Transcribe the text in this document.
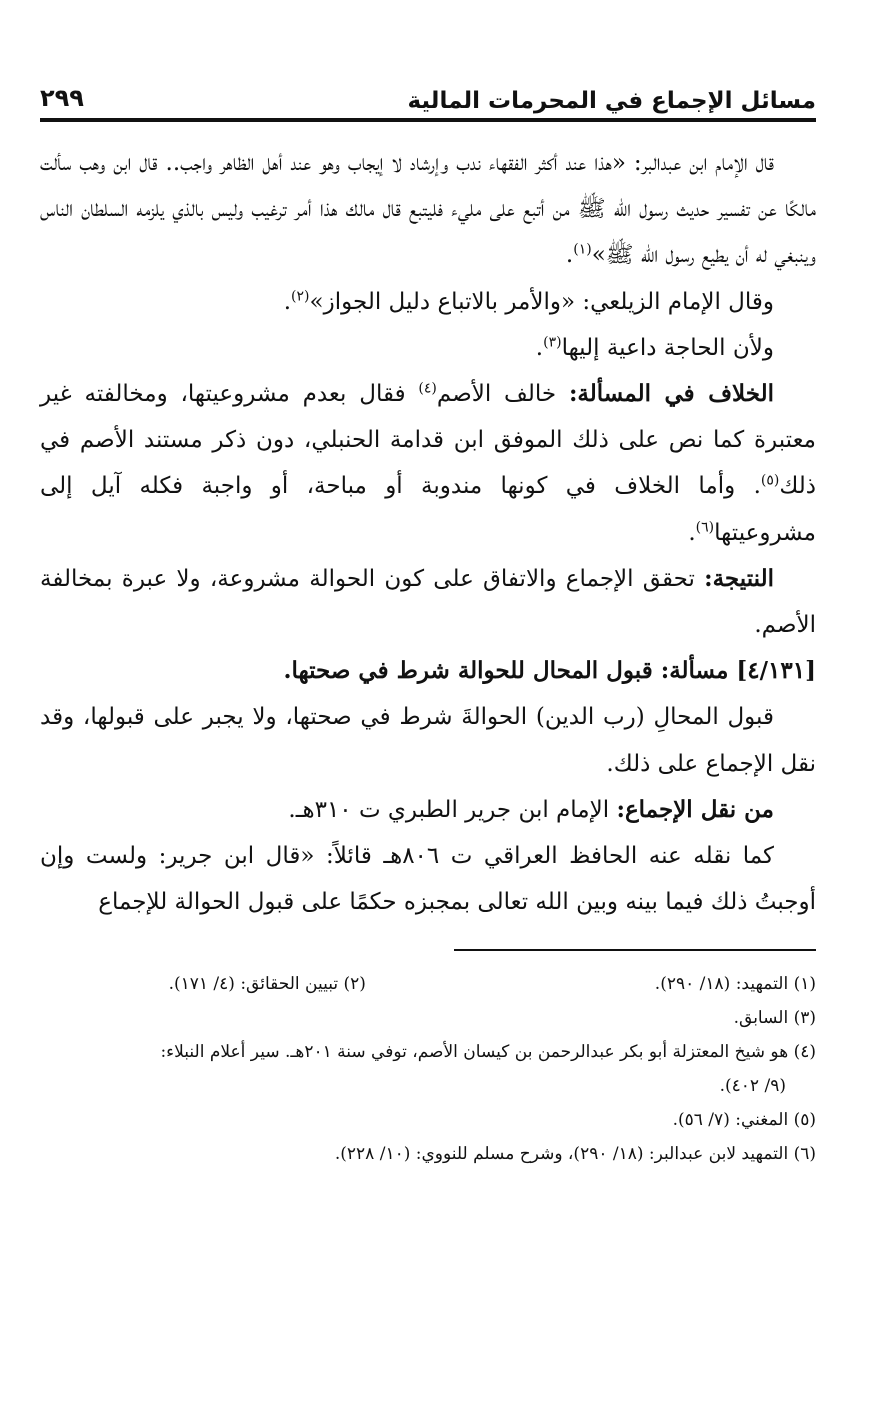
مسائل الإجماع في المحرمات المالية
٢٩٩

قال الإمام ابن عبدالبر: «هذا عند أكثر الفقهاء ندب وإرشاد لا إيجاب وهو عند أهل الظاهر واجب.. قال ابن وهب سألت مالكًا عن تفسير حديث رسول الله ﷺ من أتبع على مليء فليتبع قال مالك هذا أمر ترغيب وليس بالذي يلزمه السلطان الناس وينبغي له أن يطيع رسول الله ﷺ»$^{(١)}$.

وقال الإمام الزيلعي: «والأمر بالاتباع دليل الجواز»$^{(٢)}$.

ولأن الحاجة داعية إليها$^{(٣)}$.

الخلاف في المسألة: خالف الأصم$^{(٤)}$ فقال بعدم مشروعيتها، ومخالفته غير معتبرة كما نص على ذلك الموفق ابن قدامة الحنبلي، دون ذكر مستند الأصم في ذلك$^{(٥)}$. وأما الخلاف في كونها مندوبة أو مباحة، أو واجبة فكله آيل إلى مشروعيتها$^{(٦)}$.

النتيجة: تحقق الإجماع والاتفاق على كون الحوالة مشروعة، ولا عبرة بمخالفة الأصم.

[٤/١٣١] مسألة: قبول المحال للحوالة شرط في صحتها.

قبول المحالِ (رب الدين) الحوالةَ شرط في صحتها، ولا يجبر على قبولها، وقد نقل الإجماع على ذلك.

من نقل الإجماع: الإمام ابن جرير الطبري ت ٣١٠هـ.

كما نقله عنه الحافظ العراقي ت ٨٠٦هـ قائلاً: «قال ابن جرير: ولست وإن أوجبتُ ذلك فيما بينه وبين الله تعالى بمجبزه حكمًا على قبول الحوالة للإجماع

(١) التمهيد: (١٨/ ٢٩٠).
(٢) تبيين الحقائق: (٤/ ١٧١).
(٣) السابق.
(٤) هو شيخ المعتزلة أبو بكر عبدالرحمن بن كيسان الأصم، توفي سنة ٢٠١هـ. سير أعلام النبلاء:
(٩/ ٤٠٢).
(٥) المغني: (٧/ ٥٦).
(٦) التمهيد لابن عبدالبر: (١٨/ ٢٩٠)، وشرح مسلم للنووي: (١٠/ ٢٢٨).
